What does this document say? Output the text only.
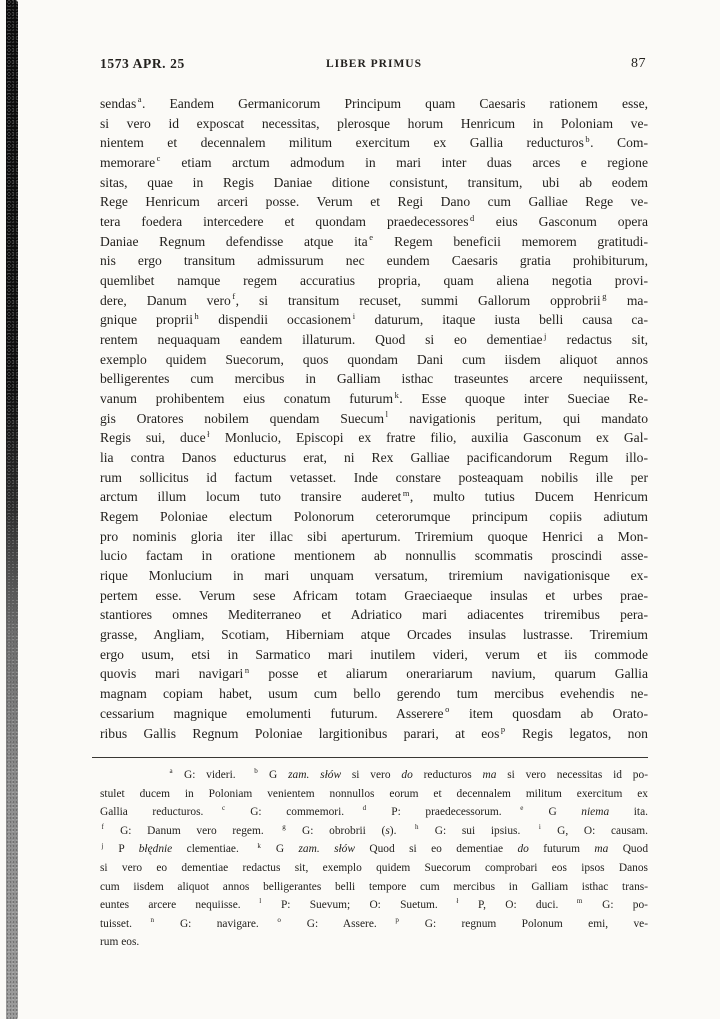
1573 APR. 25	LIBER PRIMUS	87
sendas $^a$. Eandem Germanicorum Principum quam Caesaris rationem esse,
si vero id exposcat necessitas, plerosque horum Henricum in Poloniam ve-
nientem et decennalem militum exercitum ex Gallia reducturos $^b$. Com-
memorare $^c$ etiam arctum admodum in mari inter duas arces e regione
sitas, quae in Regis Daniae ditione consistunt, transitum, ubi ab eodem
Rege Henricum arceri posse. Verum et Regi Dano cum Galliae Rege ve-
tera foedera intercedere et quondam praedecessores $^d$ eius Gasconum opera
Daniae Regnum defendisse atque ita $^e$ Regem beneficii memorem gratitudi-
nis ergo transitum admissurum nec eundem Caesaris gratia prohibiturum,
quemlibet namque regem accuratius propria, quam aliena negotia provi-
dere, Danum vero $^f$, si transitum recuset, summi Gallorum opprobrii $^g$ ma-
gnique proprii $^h$ dispendii occasionem $^i$ daturum, itaque iusta belli causa ca-
rentem nequaquam eandem illaturum. Quod si eo dementiae $^j$ redactus sit,
exemplo quidem Suecorum, quos quondam Dani cum iisdem aliquot annos
belligerentes cum mercibus in Galliam isthac traseuntes arcere nequiissent,
vanum prohibentem eius conatum futurum $^k$. Esse quoque inter Sueciae Re-
gis Oratores nobilem quendam Suecum $^l$ navigationis peritum, qui mandato
Regis sui, duce $^ł$ Monlucio, Episcopi ex fratre filio, auxilia Gasconum ex Gal-
lia contra Danos educturus erat, ni Rex Galliae pacificandorum Regum illo-
rum sollicitus id factum vetasset. Inde constare posteaquam nobilis ille per
arctum illum locum tuto transire auderet $^m$, multo tutius Ducem Henricum
Regem Poloniae electum Polonorum ceterorumque principum copiis adiutum
pro nominis gloria iter illac sibi aperturum. Triremium quoque Henrici a Mon-
lucio factam in oratione mentionem ab nonnullis scommatis proscindi asse-
rique Monlucium in mari unquam versatum, triremium navigationisque ex-
pertem esse. Verum sese Africam totam Graeciaeque insulas et urbes prae-
stantiores omnes Mediterraneo et Adriatico mari adiacentes triremibus pera-
grasse, Angliam, Scotiam, Hiberniam atque Orcades insulas lustrasse. Triremium
ergo usum, etsi in Sarmatico mari inutilem videri, verum et iis commode
quovis mari navigari $^n$ posse et aliarum onerariarum navium, quarum Gallia
magnam copiam habet, usum cum bello gerendo tum mercibus evehendis ne-
cessarium magnique emolumenti futurum. Asserere $^o$ item quosdam ab Orato-
ribus Gallis Regnum Poloniae largitionibus parari, at eos $^p$ Regis legatos, non
$^a$ G: videri.  $^b$ G zam. słów si vero do reducturos ma si vero necessitas id po-
stulet ducem in Poloniam venientem nonnullos eorum et decennalem militum exercitum ex
Gallia reducturos.  $^c$ G: commemori.  $^d$ P: praedecessorum.  $^e$ G niema ita.
$^f$ G: Danum vero regem.  $^g$ G: obrobrii (s).  $^h$ G: sui ipsius.  $^i$ G, O: causam.
$^j$ P błędnie clementiae.  $^k$ G zam. słów Quod si eo dementiae do futurum ma Quod
si vero eo dementiae redactus sit, exemplo quidem Suecorum comprobari eos ipsos Danos
cum iisdem aliquot annos belligerantes belli tempore cum mercibus in Galliam isthac trans-
euntes arcere nequiisse.  $^l$ P: Suevum; O: Suetum.  $^ł$ P, O: duci.  $^m$ G: po-
tuisset.  $^n$ G: navigare.  $^o$ G: Assere.  $^p$ G: regnum Polonum emi, ve-
rum eos.
